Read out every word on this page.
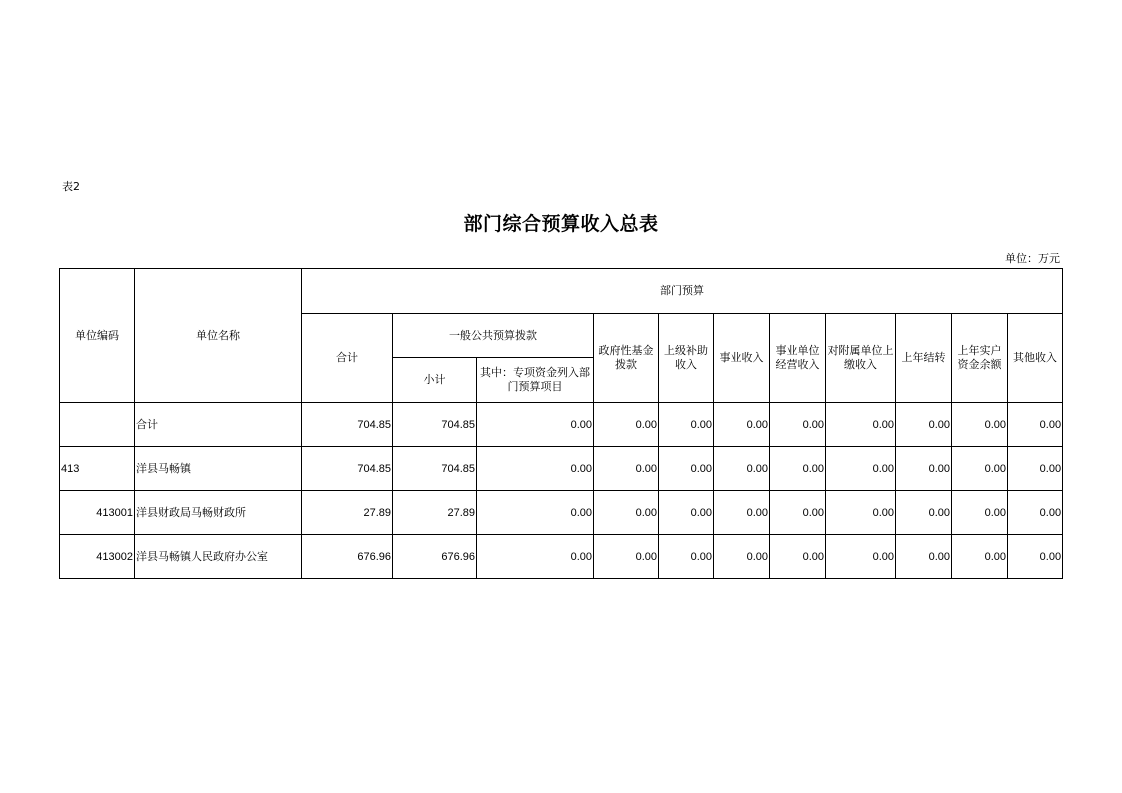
表2
部门综合预算收入总表
单位：万元
单位编码	单位名称	部门预算										
		合计	一般公共预算拨款		政府性基金拨款	上级补助收入	事业收入	事业单位经营收入	对附属单位上缴收入	上年结转	上年实户资金余额	其他收入
			小计	其中：专项资金列入部门预算项目								
	合计	704.85	704.85	0.00	0.00	0.00	0.00	0.00	0.00	0.00	0.00	0.00
413	洋县马畅镇	704.85	704.85	0.00	0.00	0.00	0.00	0.00	0.00	0.00	0.00	0.00
413001	洋县财政局马畅财政所	27.89	27.89	0.00	0.00	0.00	0.00	0.00	0.00	0.00	0.00	0.00
413002	洋县马畅镇人民政府办公室	676.96	676.96	0.00	0.00	0.00	0.00	0.00	0.00	0.00	0.00	0.00
